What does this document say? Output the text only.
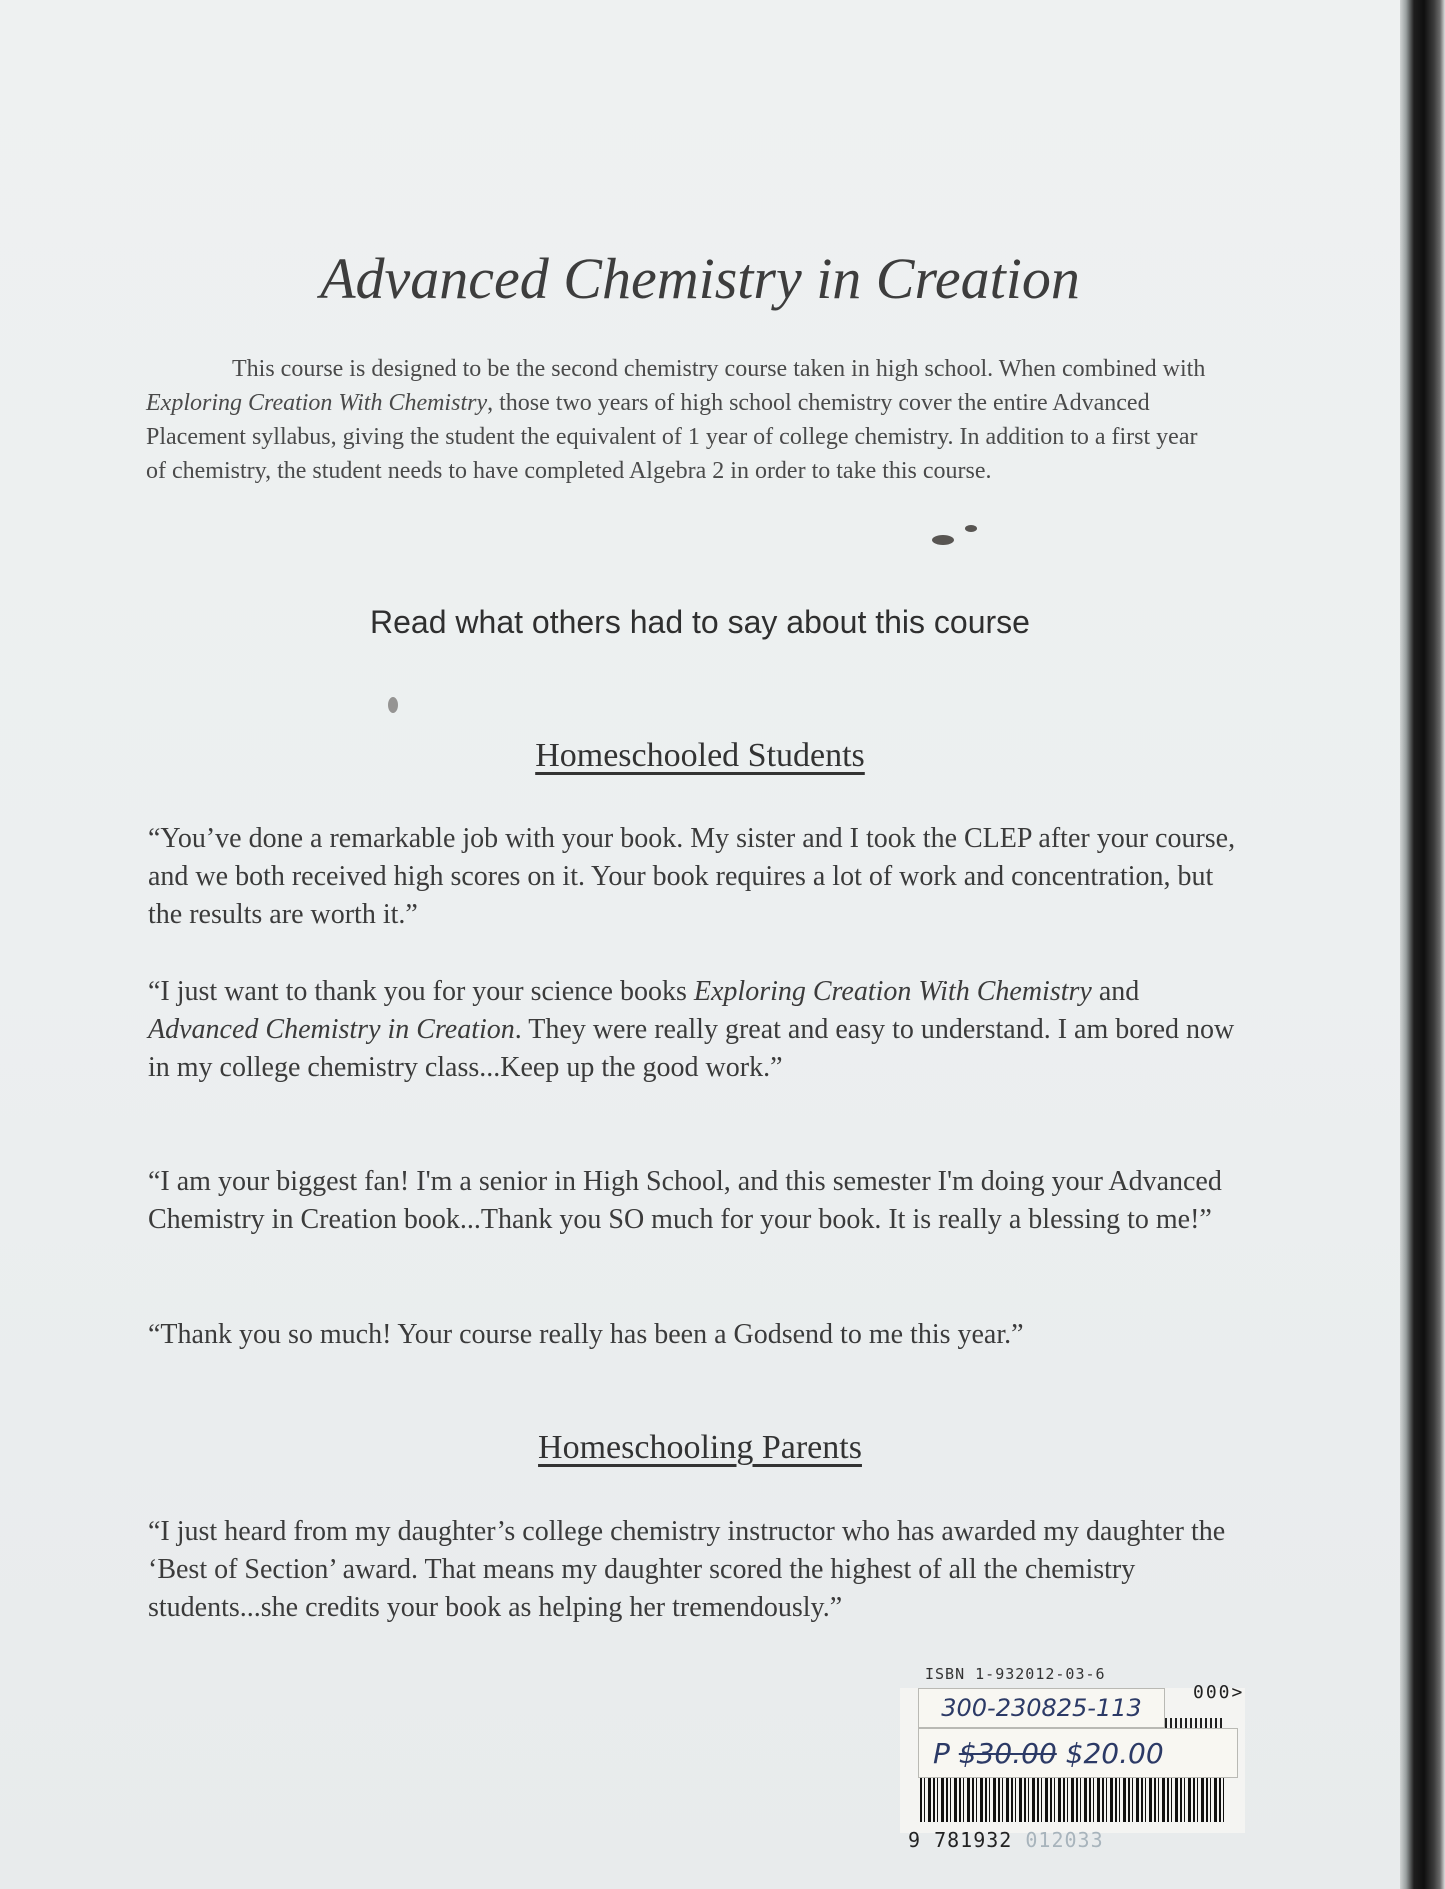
Advanced Chemistry in Creation

This course is designed to be the second chemistry course taken in high school. When combined with Exploring Creation With Chemistry, those two years of high school chemistry cover the entire Advanced Placement syllabus, giving the student the equivalent of 1 year of college chemistry. In addition to a first year of chemistry, the student needs to have completed Algebra 2 in order to take this course.

Read what others had to say about this course

Homeschooled Students

“You’ve done a remarkable job with your book. My sister and I took the CLEP after your course, and we both received high scores on it. Your book requires a lot of work and concentration, but the results are worth it.”

“I just want to thank you for your science books Exploring Creation With Chemistry and Advanced Chemistry in Creation. They were really great and easy to understand. I am bored now in my college chemistry class...Keep up the good work.”

“I am your biggest fan! I'm a senior in High School, and this semester I'm doing your Advanced Chemistry in Creation book...Thank you SO much for your book. It is really a blessing to me!”

“Thank you so much! Your course really has been a Godsend to me this year.”

Homeschooling Parents

“I just heard from my daughter’s college chemistry instructor who has awarded my daughter the ‘Best of Section’ award. That means my daughter scored the highest of all the chemistry students...she credits your book as helping her tremendously.”

ISBN 1-932012-03-6
000>
9 781932 012033
300-230825-113
P $30.00 $20.00
